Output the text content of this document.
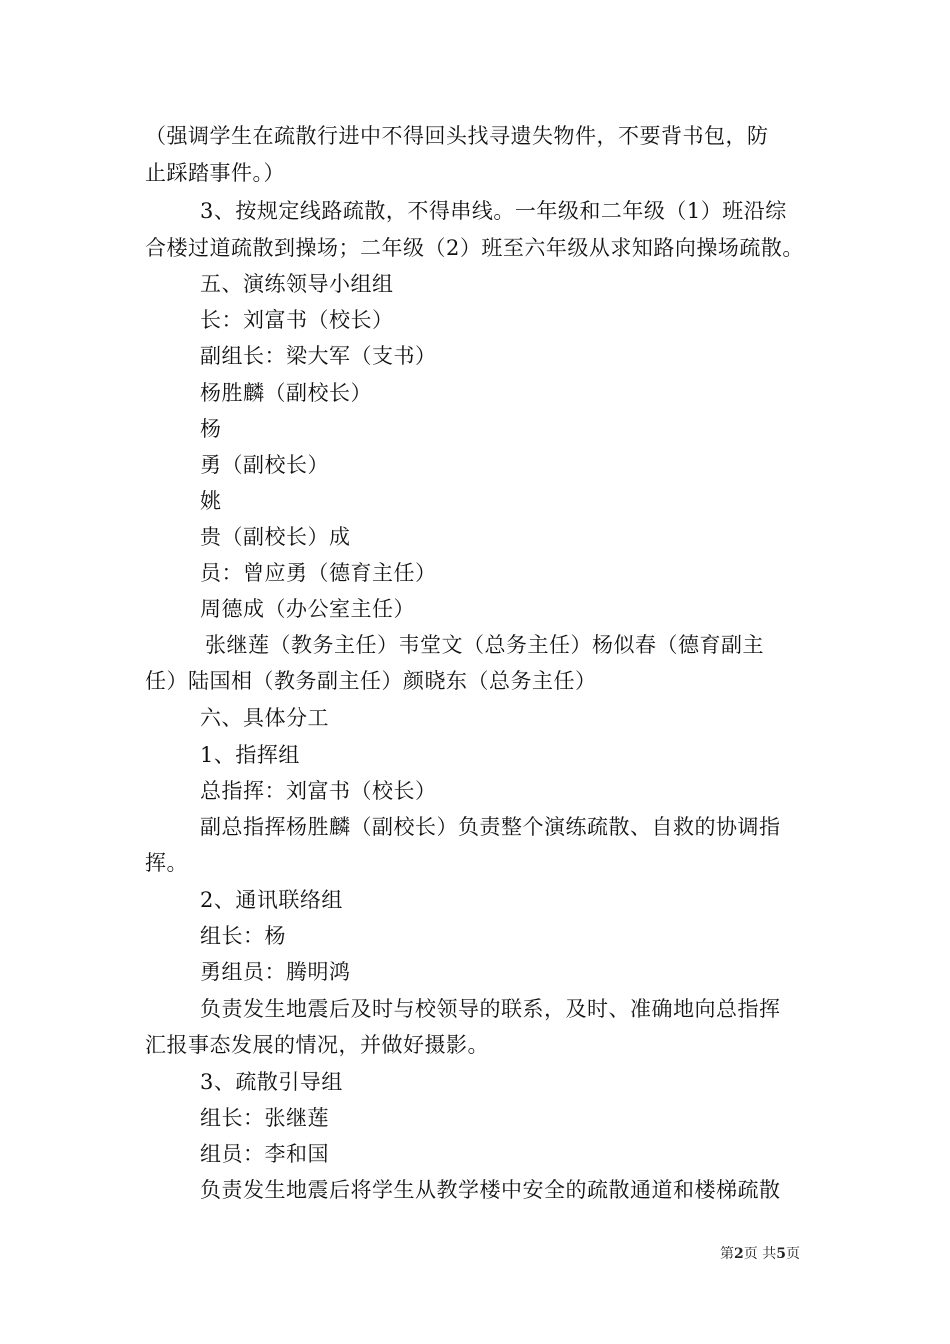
（强调学生在疏散行进中不得回头找寻遗失物件，不要背书包，防
止踩踏事件。）
3、按规定线路疏散，不得串线。一年级和二年级（1）班沿综
合楼过道疏散到操场；二年级（2）班至六年级从求知路向操场疏散。
五、演练领导小组组
长：刘富书（校长）
副组长：梁大军（支书）
杨胜麟（副校长）
杨
勇（副校长）
姚
贵（副校长）成
员：曾应勇（德育主任）
周德成（办公室主任）
张继莲（教务主任）韦堂文（总务主任）杨似春（德育副主
任）陆国相（教务副主任）颜晓东（总务主任）
六、具体分工
1、指挥组
总指挥：刘富书（校长）
副总指挥杨胜麟（副校长）负责整个演练疏散、自救的协调指
挥。
2、通讯联络组
组长：杨
勇组员：腾明鸿
负责发生地震后及时与校领导的联系，及时、准确地向总指挥
汇报事态发展的情况，并做好摄影。
3、疏散引导组
组长：张继莲
组员：李和国
负责发生地震后将学生从教学楼中安全的疏散通道和楼梯疏散
第2页 共5页
